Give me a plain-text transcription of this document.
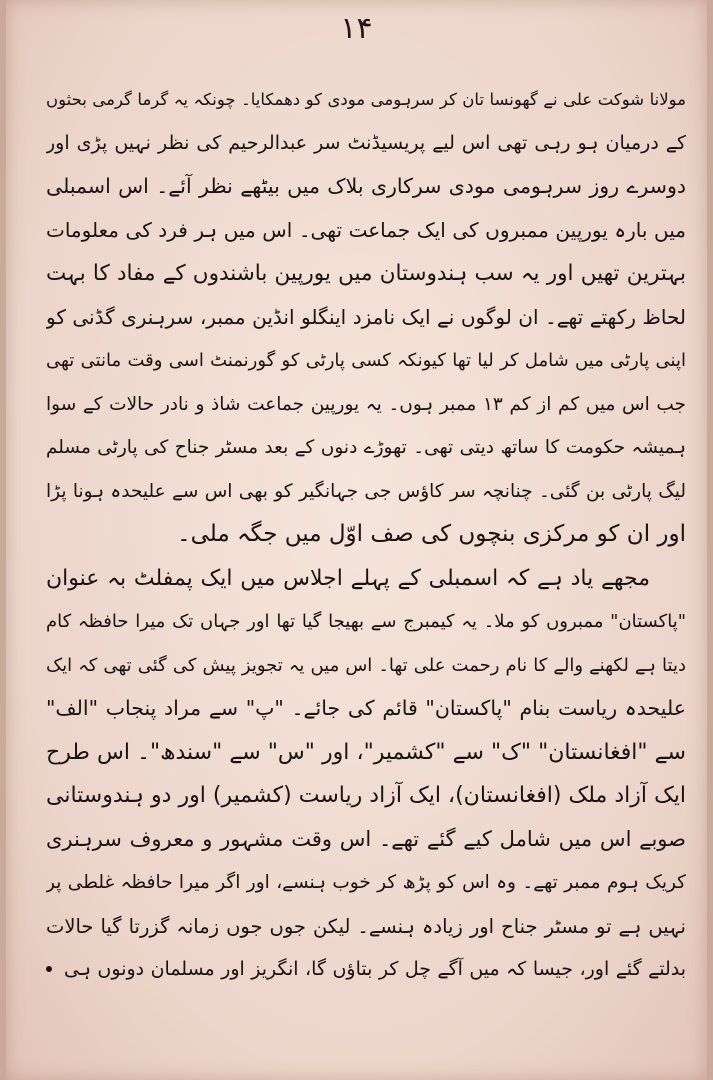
۱۴
مولانا شوکت علی نے گھونسا تان کر سرہومی مودی کو دھمکایا۔ چونکہ یہ گرما گرمی بحثوں
کے درمیان ہو رہی تھی اس لیے پریسیڈنٹ سر عبدالرحیم کی نظر نہیں پڑی اور
دوسرے روز سرہومی مودی سرکاری بلاک میں بیٹھے نظر آئے۔ اس اسمبلی
میں بارہ یورپین ممبروں کی ایک جماعت تھی۔ اس میں ہر فرد کی معلومات
بہترین تھیں اور یہ سب ہندوستان میں یورپین باشندوں کے مفاد کا بہت
لحاظ رکھتے تھے۔ ان لوگوں نے ایک نامزد اینگلو انڈین ممبر، سرہنری گڈنی کو
اپنی پارٹی میں شامل کر لیا تھا کیونکہ کسی پارٹی کو گورنمنٹ اسی وقت مانتی تھی
جب اس میں کم از کم ۱۳ ممبر ہوں۔ یہ یورپین جماعت شاذ و نادر حالات کے سوا
ہمیشہ حکومت کا ساتھ دیتی تھی۔ تھوڑے دنوں کے بعد مسٹر جناح کی پارٹی مسلم
لیگ پارٹی بن گئی۔ چنانچہ سر کاؤس جی جہانگیر کو بھی اس سے علیحدہ ہونا پڑا
اور ان کو مرکزی بنچوں کی صف اوّل میں جگہ ملی۔
مجھے یاد ہے کہ اسمبلی کے پہلے اجلاس میں ایک پمفلٹ بہ عنوان
"پاکستان" ممبروں کو ملا۔ یہ کیمبرج سے بھیجا گیا تھا اور جہاں تک میرا حافظہ کام
دیتا ہے لکھنے والے کا نام رحمت علی تھا۔ اس میں یہ تجویز پیش کی گئی تھی کہ ایک
علیحدہ ریاست بنام "پاکستان" قائم کی جائے۔ "پ" سے مراد پنجاب "الف"
سے "افغانستان" "ک" سے "کشمیر"، اور "س" سے "سندھ"۔ اس طرح
ایک آزاد ملک (افغانستان)، ایک آزاد ریاست (کشمیر) اور دو ہندوستانی
صوبے اس میں شامل کیے گئے تھے۔ اس وقت مشہور و معروف سرہنری
کریک ہوم ممبر تھے۔ وہ اس کو پڑھ کر خوب ہنسے، اور اگر میرا حافظہ غلطی پر
نہیں ہے تو مسٹر جناح اور زیادہ ہنسے۔ لیکن جوں جوں زمانہ گزرتا گیا حالات
بدلتے گئے اور، جیسا کہ میں آگے چل کر بتاؤں گا، انگریز اور مسلمان دونوں ہی
